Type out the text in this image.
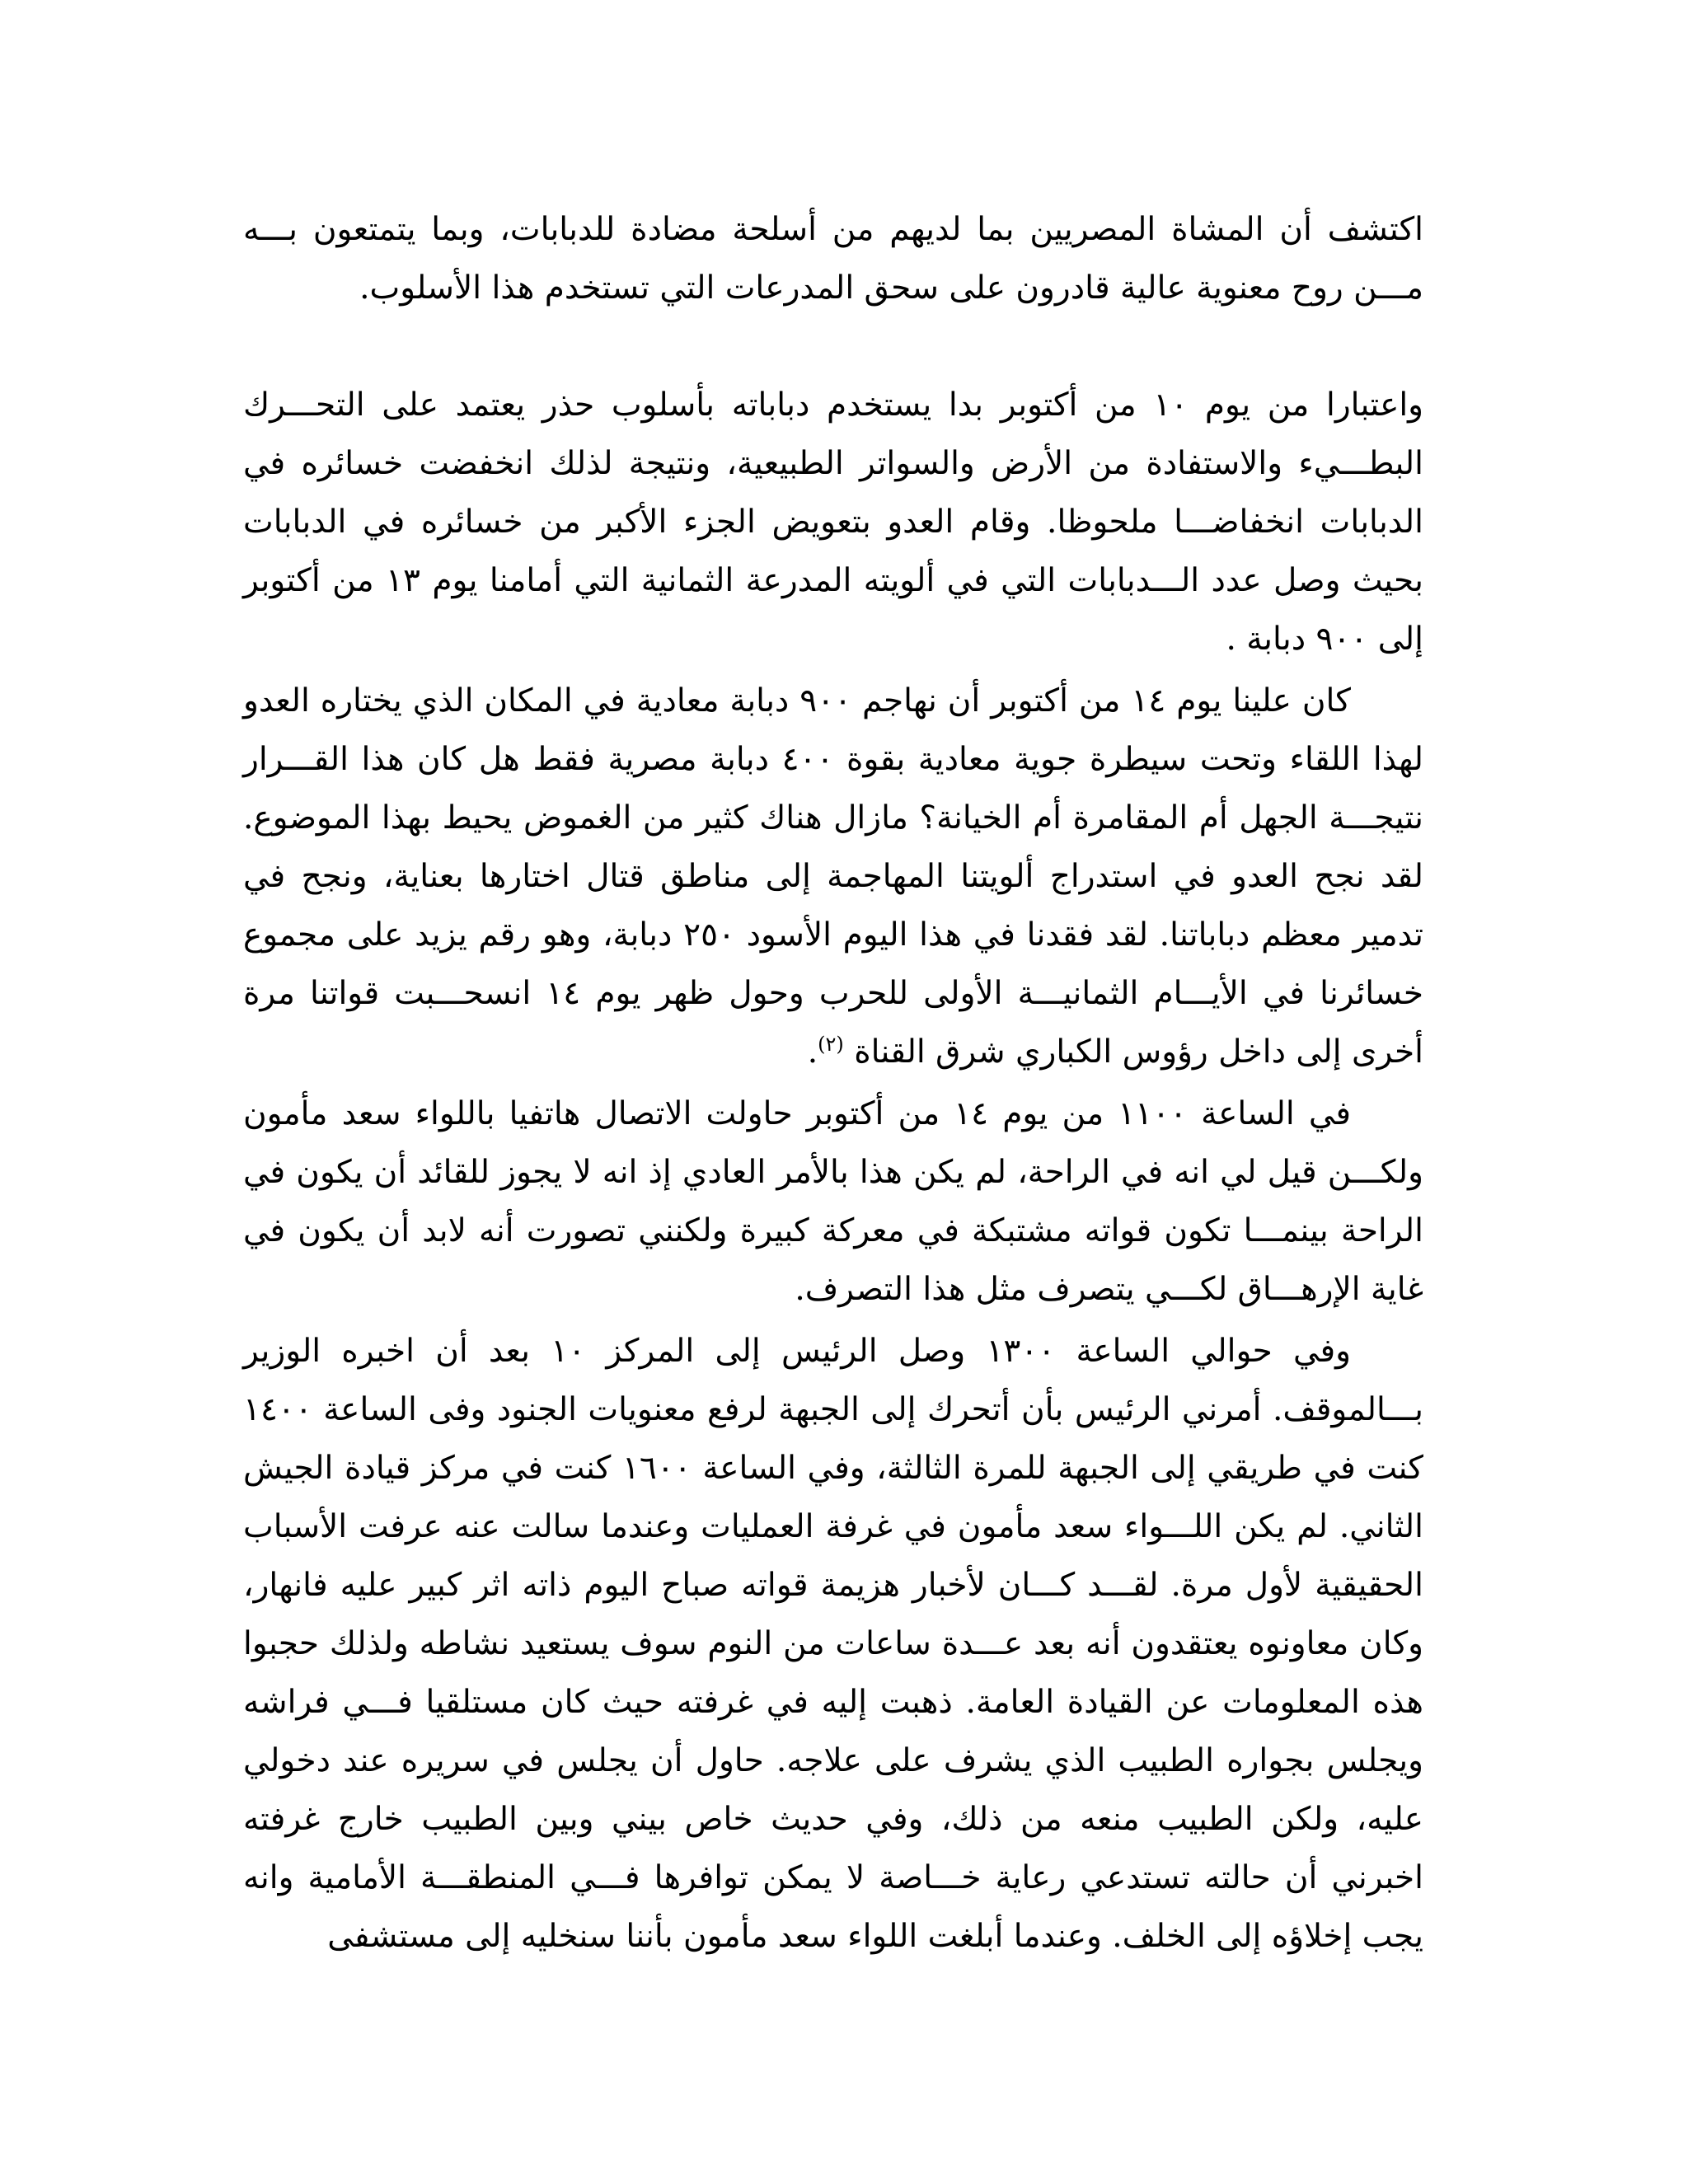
اكتشف أن المشاة المصريين بما لديهم من أسلحة مضادة للدبابات، وبما يتمتعون بـــه مـــن روح معنوية عالية قادرون على سحق المدرعات التي تستخدم هذا الأسلوب.

واعتبارا من يوم ١٠ من أكتوبر بدا يستخدم دباباته بأسلوب حذر يعتمد على التحـــرك البطـــيء والاستفادة من الأرض والسواتر الطبيعية، ونتيجة لذلك انخفضت خسائره في الدبابات انخفاضـــا ملحوظا. وقام العدو بتعويض الجزء الأكبر من خسائره في الدبابات بحيث وصل عدد الـــدبابات التي في ألويته المدرعة الثمانية التي أمامنا يوم ١٣ من أكتوبر إلى ٩٠٠ دبابة .

كان علينا يوم ١٤ من أكتوبر أن نهاجم ٩٠٠ دبابة معادية في المكان الذي يختاره العدو لهذا اللقاء وتحت سيطرة جوية معادية بقوة ٤٠٠ دبابة مصرية فقط هل كان هذا القـــرار نتيجـــة الجهل أم المقامرة أم الخيانة؟ مازال هناك كثير من الغموض يحيط بهذا الموضوع. لقد نجح العدو في استدراج ألويتنا المهاجمة إلى مناطق قتال اختارها بعناية، ونجح في تدمير معظم دباباتنا. لقد فقدنا في هذا اليوم الأسود ٢٥٠ دبابة، وهو رقم يزيد على مجموع خسائرنا في الأيـــام الثمانيـــة الأولى للحرب وحول ظهر يوم ١٤ انسحـــبت قواتنا مرة أخرى إلى داخل رؤوس الكباري شرق القناة $^{(٢)}$.

في الساعة ١١٠٠ من يوم ١٤ من أكتوبر حاولت الاتصال هاتفيا باللواء سعد مأمون ولكـــن قيل لي انه في الراحة، لم يكن هذا بالأمر العادي إذ انه لا يجوز للقائد أن يكون في الراحة بينمـــا تكون قواته مشتبكة في معركة كبيرة ولكنني تصورت أنه لابد أن يكون في غاية الإرهـــاق لكـــي يتصرف مثل هذا التصرف.

وفي حوالي الساعة ١٣٠٠ وصل الرئيس إلى المركز ١٠ بعد أن اخبره الوزير بـــالموقف. أمرني الرئيس بأن أتحرك إلى الجبهة لرفع معنويات الجنود وفى الساعة ١٤٠٠ كنت في طريقي إلى الجبهة للمرة الثالثة، وفي الساعة ١٦٠٠ كنت في مركز قيادة الجيش الثاني. لم يكن اللـــواء سعد مأمون في غرفة العمليات وعندما سالت عنه عرفت الأسباب الحقيقية لأول مرة. لقـــد كـــان لأخبار هزيمة قواته صباح اليوم ذاته اثر كبير عليه فانهار، وكان معاونوه يعتقدون أنه بعد عـــدة ساعات من النوم سوف يستعيد نشاطه ولذلك حجبوا هذه المعلومات عن القيادة العامة. ذهبت إليه في غرفته حيث كان مستلقيا فـــي فراشه ويجلس بجواره الطبيب الذي يشرف على علاجه. حاول أن يجلس في سريره عند دخولي عليه، ولكن الطبيب منعه من ذلك، وفي حديث خاص بيني وبين الطبيب خارج غرفته اخبرني أن حالته تستدعي رعاية خـــاصة لا يمكن توافرها فـــي المنطقـــة الأمامية وانه يجب إخلاؤه إلى الخلف. وعندما أبلغت اللواء سعد مأمون بأننا سنخليه إلى مستشفى
